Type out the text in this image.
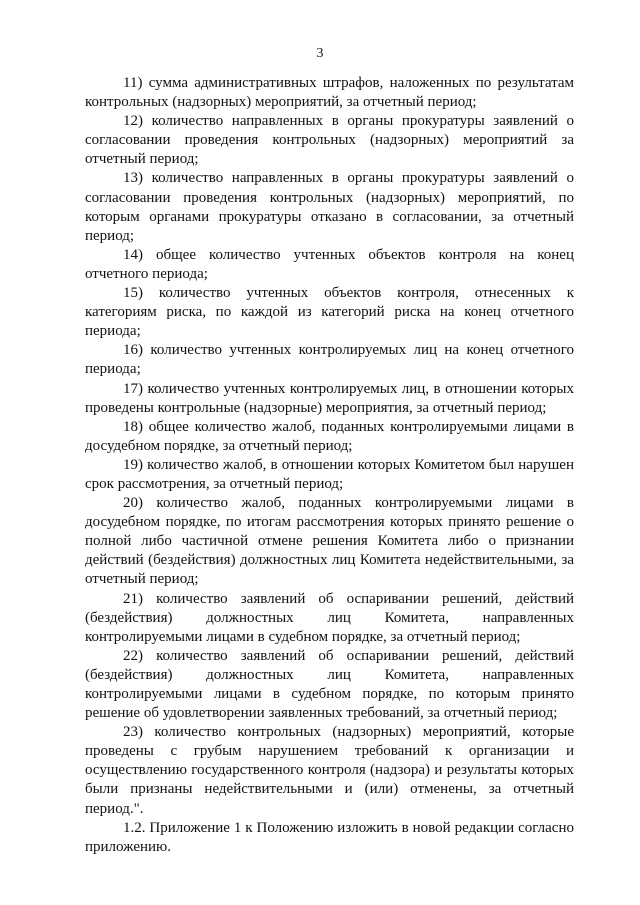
3

11) сумма административных штрафов, наложенных по результатам контрольных (надзорных) мероприятий, за отчетный период;

12) количество направленных в органы прокуратуры заявлений о согласовании проведения контрольных (надзорных) мероприятий за отчетный период;

13) количество направленных в органы прокуратуры заявлений о согласовании проведения контрольных (надзорных) мероприятий, по которым органами прокуратуры отказано в согласовании, за отчетный период;

14) общее количество учтенных объектов контроля на конец отчетного периода;

15) количество учтенных объектов контроля, отнесенных к категориям риска, по каждой из категорий риска на конец отчетного периода;

16) количество учтенных контролируемых лиц на конец отчетного периода;

17) количество учтенных контролируемых лиц, в отношении которых проведены контрольные (надзорные) мероприятия, за отчетный период;

18) общее количество жалоб, поданных контролируемыми лицами в досудебном порядке, за отчетный период;

19) количество жалоб, в отношении которых Комитетом был нарушен срок рассмотрения, за отчетный период;

20) количество жалоб, поданных контролируемыми лицами в досудебном порядке, по итогам рассмотрения которых принято решение о полной либо частичной отмене решения Комитета либо о признании действий (бездействия) должностных лиц Комитета недействительными, за отчетный период;

21) количество заявлений об оспаривании решений, действий (бездействия) должностных лиц Комитета, направленных контролируемыми лицами в судебном порядке, за отчетный период;

22) количество заявлений об оспаривании решений, действий (бездействия) должностных лиц Комитета, направленных контролируемыми лицами в судебном порядке, по которым принято решение об удовлетворении заявленных требований, за отчетный период;

23) количество контрольных (надзорных) мероприятий, которые проведены с грубым нарушением требований к организации и осуществлению государственного контроля (надзора) и результаты которых были признаны недействительными и (или) отменены, за отчетный период.".

1.2. Приложение 1 к Положению изложить в новой редакции согласно приложению.
